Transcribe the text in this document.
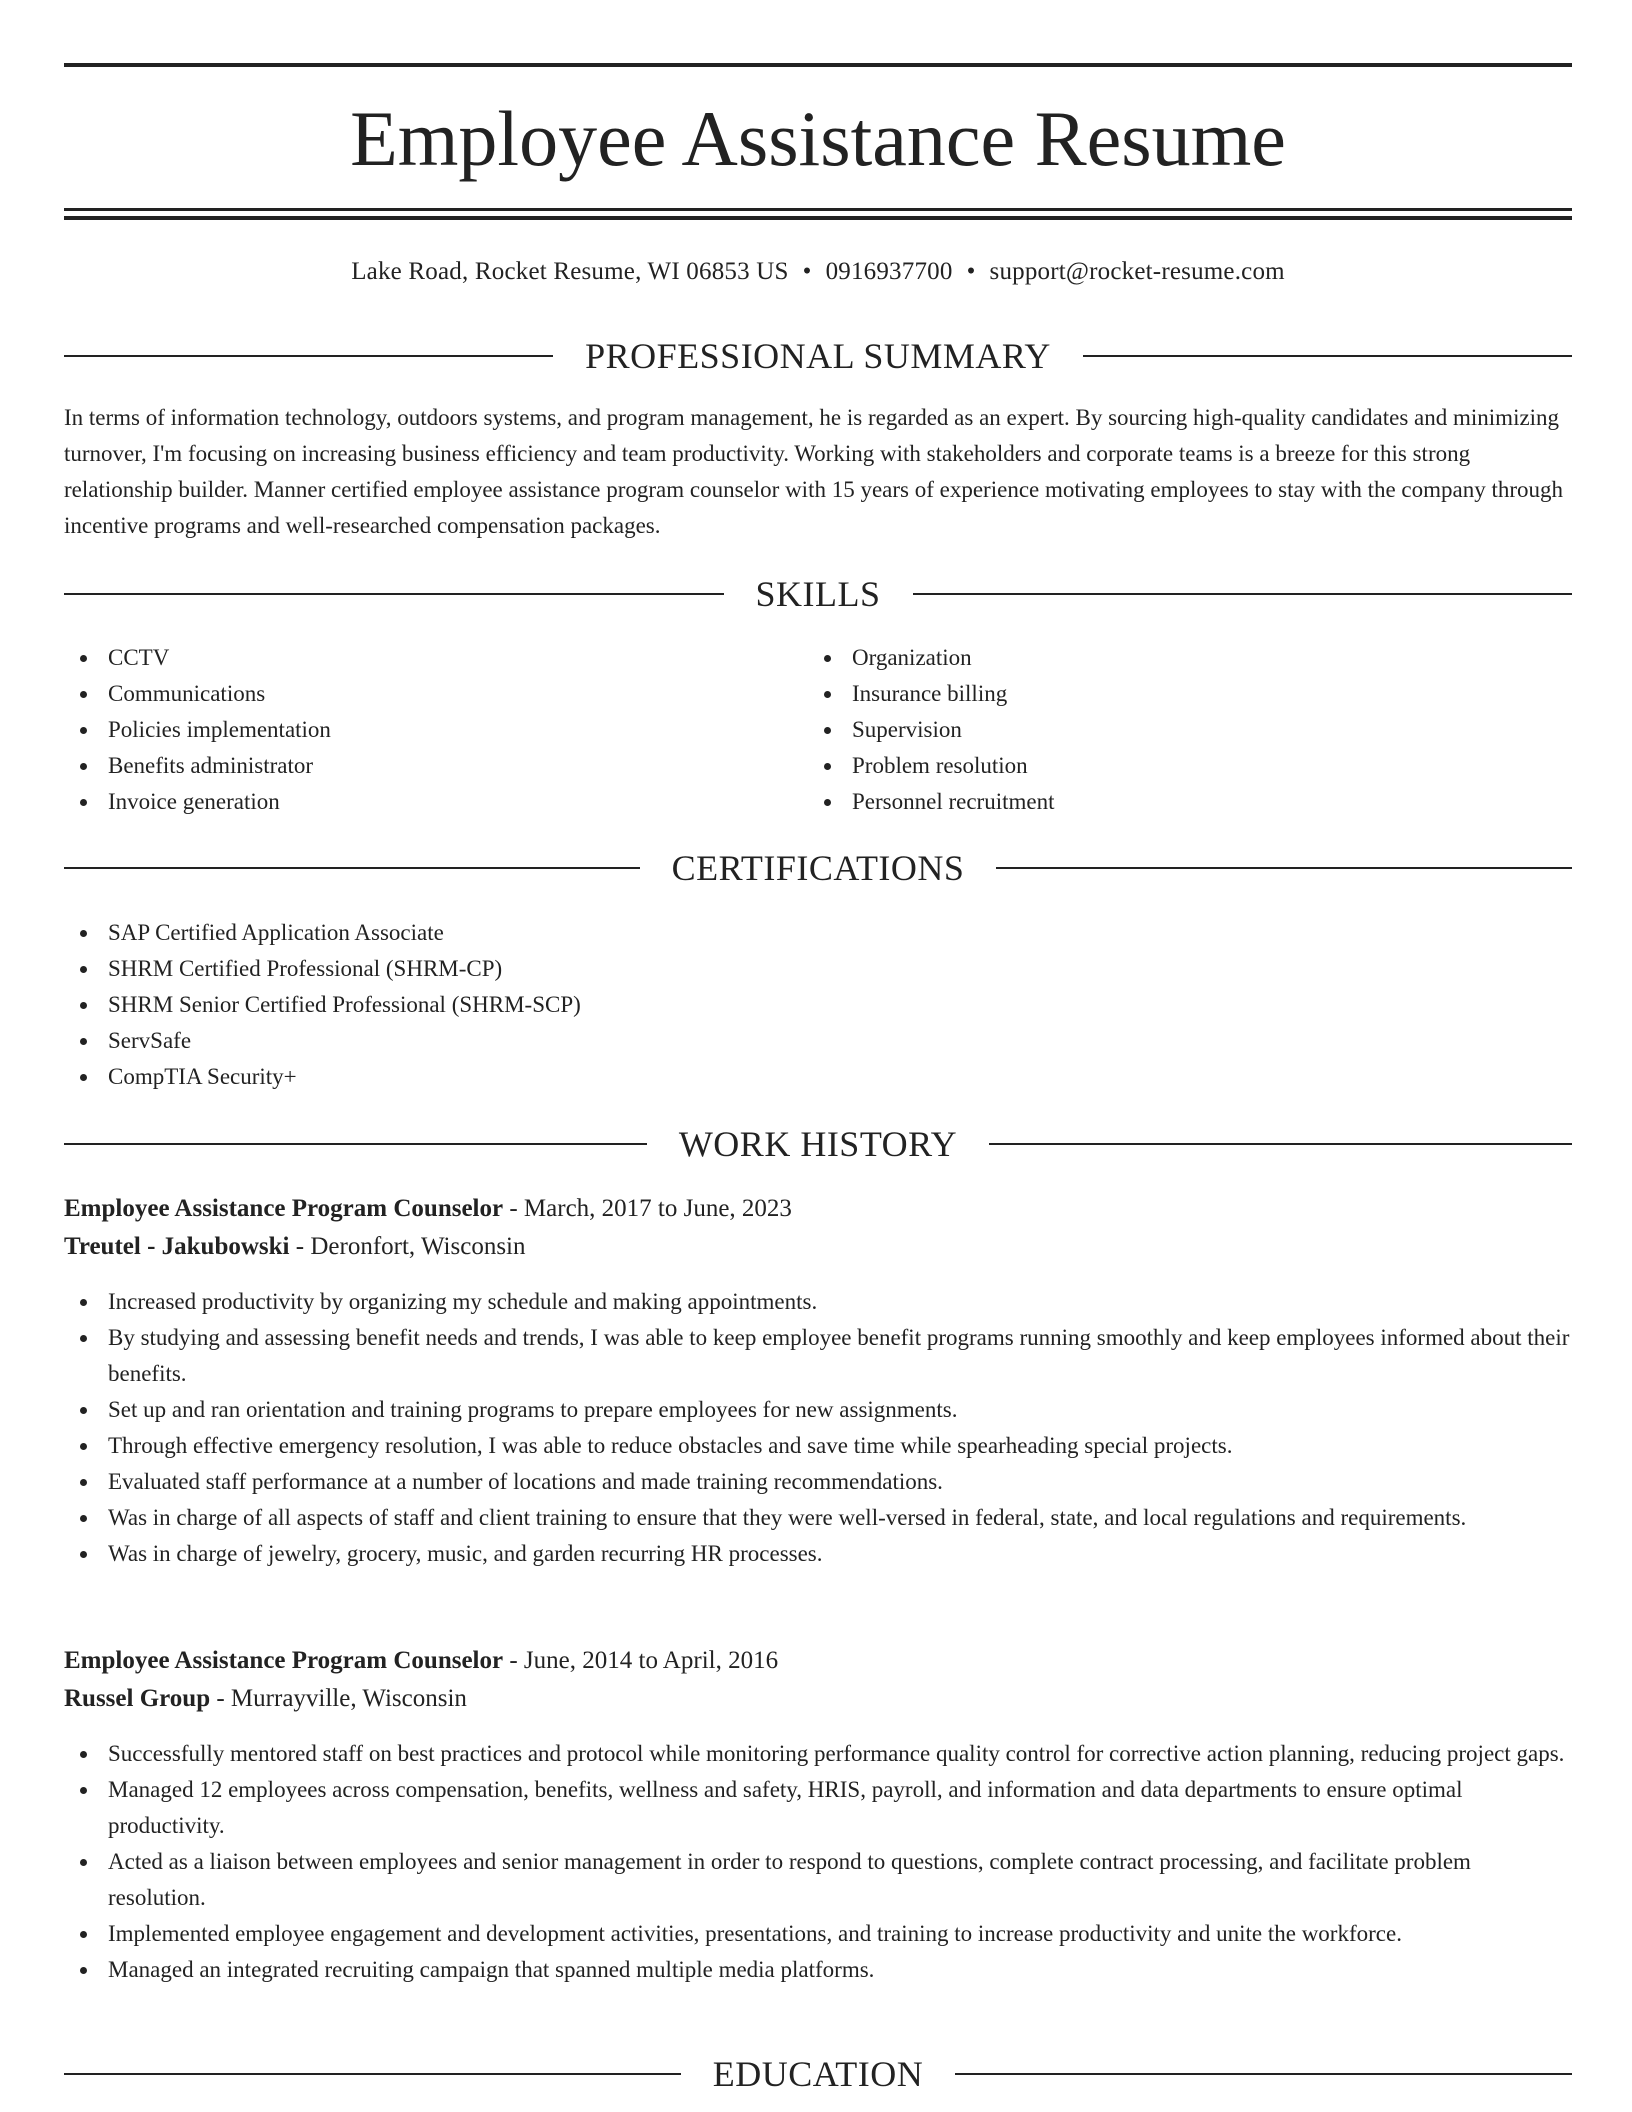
Employee Assistance Resume
Lake Road, Rocket Resume, WI 06853 US • 0916937700 • support@rocket-resume.com
PROFESSIONAL SUMMARY

In terms of information technology, outdoors systems, and program management, he is regarded as an expert. By sourcing high-quality candidates and minimizing turnover, I'm focusing on increasing business efficiency and team productivity. Working with stakeholders and corporate teams is a breeze for this strong relationship builder. Manner certified employee assistance program counselor with 15 years of experience motivating employees to stay with the company through incentive programs and well-researched compensation packages.

SKILLS
CCTV
Communications
Policies implementation
Benefits administrator
Invoice generation
Organization
Insurance billing
Supervision
Problem resolution
Personnel recruitment
CERTIFICATIONS
SAP Certified Application Associate
SHRM Certified Professional (SHRM-CP)
SHRM Senior Certified Professional (SHRM-SCP)
ServSafe
CompTIA Security+
WORK HISTORY
Employee Assistance Program Counselor - March, 2017 to June, 2023
Treutel - Jakubowski - Deronfort, Wisconsin
Increased productivity by organizing my schedule and making appointments.
By studying and assessing benefit needs and trends, I was able to keep employee benefit programs running smoothly and keep employees informed about their benefits.
Set up and ran orientation and training programs to prepare employees for new assignments.
Through effective emergency resolution, I was able to reduce obstacles and save time while spearheading special projects.
Evaluated staff performance at a number of locations and made training recommendations.
Was in charge of all aspects of staff and client training to ensure that they were well-versed in federal, state, and local regulations and requirements.
Was in charge of jewelry, grocery, music, and garden recurring HR processes.
Employee Assistance Program Counselor - June, 2014 to April, 2016
Russel Group - Murrayville, Wisconsin
Successfully mentored staff on best practices and protocol while monitoring performance quality control for corrective action planning, reducing project gaps.
Managed 12 employees across compensation, benefits, wellness and safety, HRIS, payroll, and information and data departments to ensure optimal productivity.
Acted as a liaison between employees and senior management in order to respond to questions, complete contract processing, and facilitate problem resolution.
Implemented employee engagement and development activities, presentations, and training to increase productivity and unite the workforce.
Managed an integrated recruiting campaign that spanned multiple media platforms.
EDUCATION
